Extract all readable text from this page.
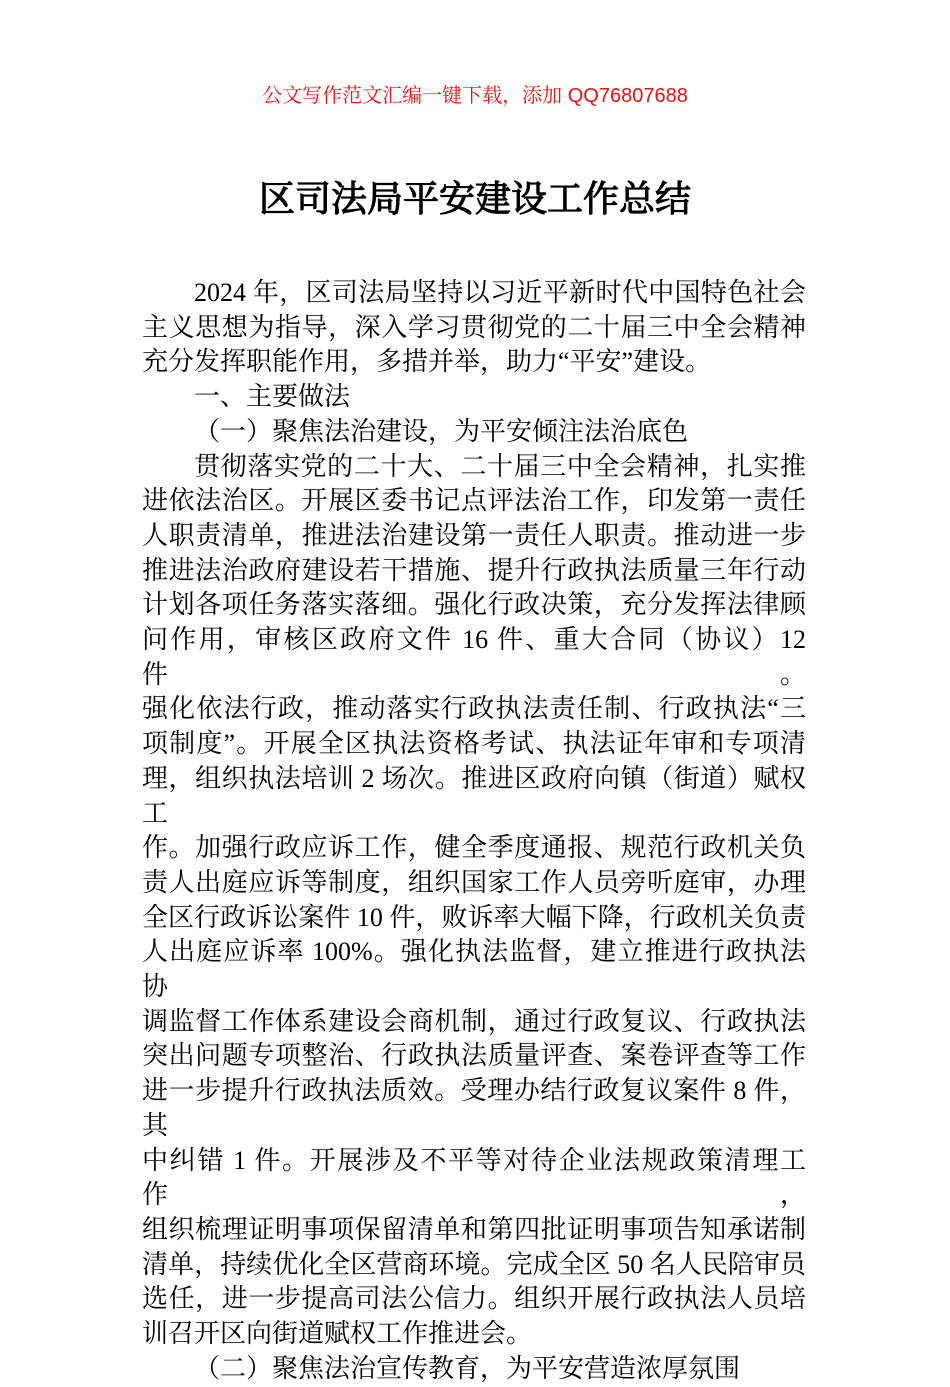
公文写作范文汇编一键下载，添加 QQ76807688
区司法局平安建设工作总结
2024 年，区司法局坚持以习近平新时代中国特色社会
主义思想为指导，深入学习贯彻党的二十届三中全会精神
充分发挥职能作用，多措并举，助力“平安”建设。
一、主要做法
（一）聚焦法治建设，为平安倾注法治底色
贯彻落实党的二十大、二十届三中全会精神，扎实推
进依法治区。开展区委书记点评法治工作，印发第一责任
人职责清单，推进法治建设第一责任人职责。推动进一步
推进法治政府建设若干措施、提升行政执法质量三年行动
计划各项任务落实落细。强化行政决策，充分发挥法律顾
问作用，审核区政府文件 16 件、重大合同（协议）12 件。
强化依法行政，推动落实行政执法责任制、行政执法“三
项制度”。开展全区执法资格考试、执法证年审和专项清
理，组织执法培训 2 场次。推进区政府向镇（街道）赋权工
作。加强行政应诉工作，健全季度通报、规范行政机关负
责人出庭应诉等制度，组织国家工作人员旁听庭审，办理
全区行政诉讼案件 10 件，败诉率大幅下降，行政机关负责
人出庭应诉率 100%。强化执法监督，建立推进行政执法协
调监督工作体系建设会商机制，通过行政复议、行政执法
突出问题专项整治、行政执法质量评查、案卷评查等工作
进一步提升行政执法质效。受理办结行政复议案件 8 件，其
中纠错 1 件。开展涉及不平等对待企业法规政策清理工作，
组织梳理证明事项保留清单和第四批证明事项告知承诺制
清单，持续优化全区营商环境。完成全区 50 名人民陪审员
选任，进一步提高司法公信力。组织开展行政执法人员培
训召开区向街道赋权工作推进会。
（二）聚焦法治宣传教育，为平安营造浓厚氛围
